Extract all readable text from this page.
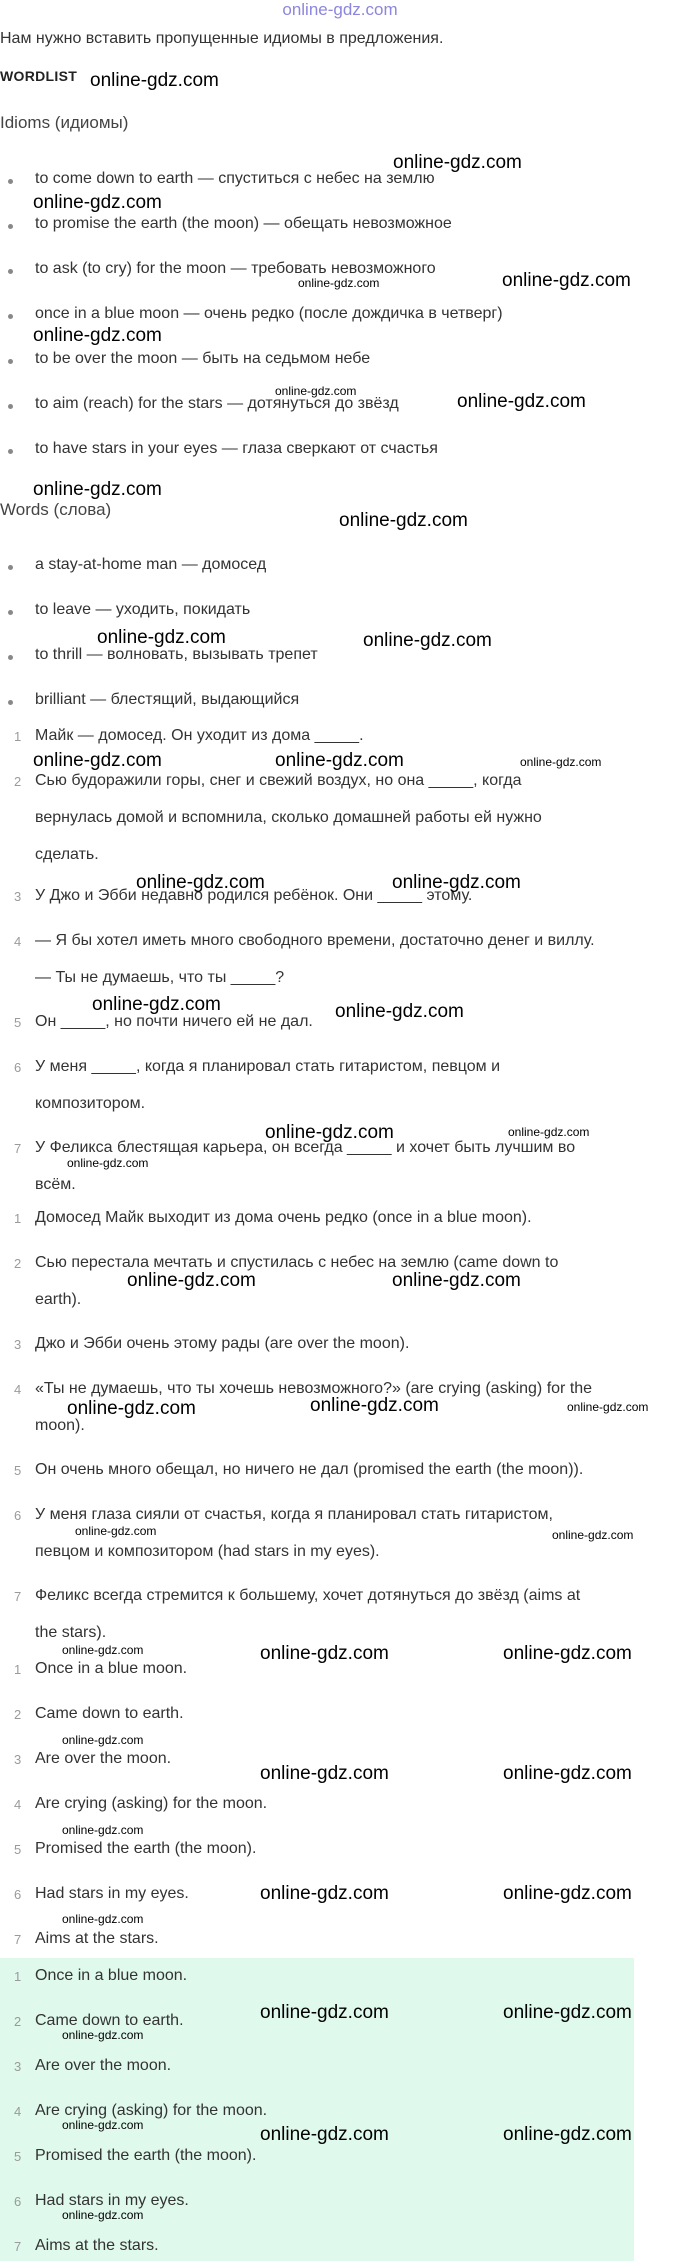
online-gdz.com
Нам нужно вставить пропущенные идиомы в предложения.
WORDLIST
Idioms (идиомы)
to come down to earth — спуститься с небес на землю
to promise the earth (the moon) — обещать невозможное
to ask (to cry) for the moon — требовать невозможного
once in a blue moon — очень редко (после дождичка в четверг)
to be over the moon — быть на седьмом небе
to aim (reach) for the stars — дотянуться до звёзд
to have stars in your eyes — глаза сверкают от счастья
Words (слова)
a stay-at-home man — домосед
to leave — уходить, покидать
to thrill — волновать, вызывать трепет
brilliant — блестящий, выдающийся
1 Майк — домосед. Он уходит из дома _____.
2 Сью будоражили горы, снег и свежий воздух, но она _____, когда
вернулась домой и вспомнила, сколько домашней работы ей нужно
сделать.
3 У Джо и Эбби недавно родился ребёнок. Они _____ этому.
4 — Я бы хотел иметь много свободного времени, достаточно денег и виллу.
— Ты не думаешь, что ты _____?
5 Он _____, но почти ничего ей не дал.
6 У меня _____, когда я планировал стать гитаристом, певцом и
композитором.
7 У Феликса блестящая карьера, он всегда _____ и хочет быть лучшим во
всём.
1 Домосед Майк выходит из дома очень редко (once in a blue moon).
2 Сью перестала мечтать и спустилась с небес на землю (came down to
earth).
3 Джо и Эбби очень этому рады (are over the moon).
4 «Ты не думаешь, что ты хочешь невозможного?» (are crying (asking) for the
moon).
5 Он очень много обещал, но ничего не дал (promised the earth (the moon)).
6 У меня глаза сияли от счастья, когда я планировал стать гитаристом,
певцом и композитором (had stars in my eyes).
7 Феликс всегда стремится к большему, хочет дотянуться до звёзд (aims at
the stars).
1 Once in a blue moon.
2 Came down to earth.
3 Are over the moon.
4 Are crying (asking) for the moon.
5 Promised the earth (the moon).
6 Had stars in my eyes.
7 Aims at the stars.
1 Once in a blue moon.
2 Came down to earth.
3 Are over the moon.
4 Are crying (asking) for the moon.
5 Promised the earth (the moon).
6 Had stars in my eyes.
7 Aims at the stars.
online-gdz.com
online-gdz.com
online-gdz.com
online-gdz.com	online-gdz.com
online-gdz.com
online-gdz.com	online-gdz.com
online-gdz.com
online-gdz.com
online-gdz.com	online-gdz.com
online-gdz.com	online-gdz.com	online-gdz.com
online-gdz.com	online-gdz.com
online-gdz.com	online-gdz.com
online-gdz.com	online-gdz.com
online-gdz.com
online-gdz.com	online-gdz.com
online-gdz.com	online-gdz.com	online-gdz.com
online-gdz.com	online-gdz.com
online-gdz.com	online-gdz.com	online-gdz.com
online-gdz.com
online-gdz.com	online-gdz.com
online-gdz.com
online-gdz.com	online-gdz.com
online-gdz.com
online-gdz.com	online-gdz.com
online-gdz.com
online-gdz.com	online-gdz.com	online-gdz.com
online-gdz.com
